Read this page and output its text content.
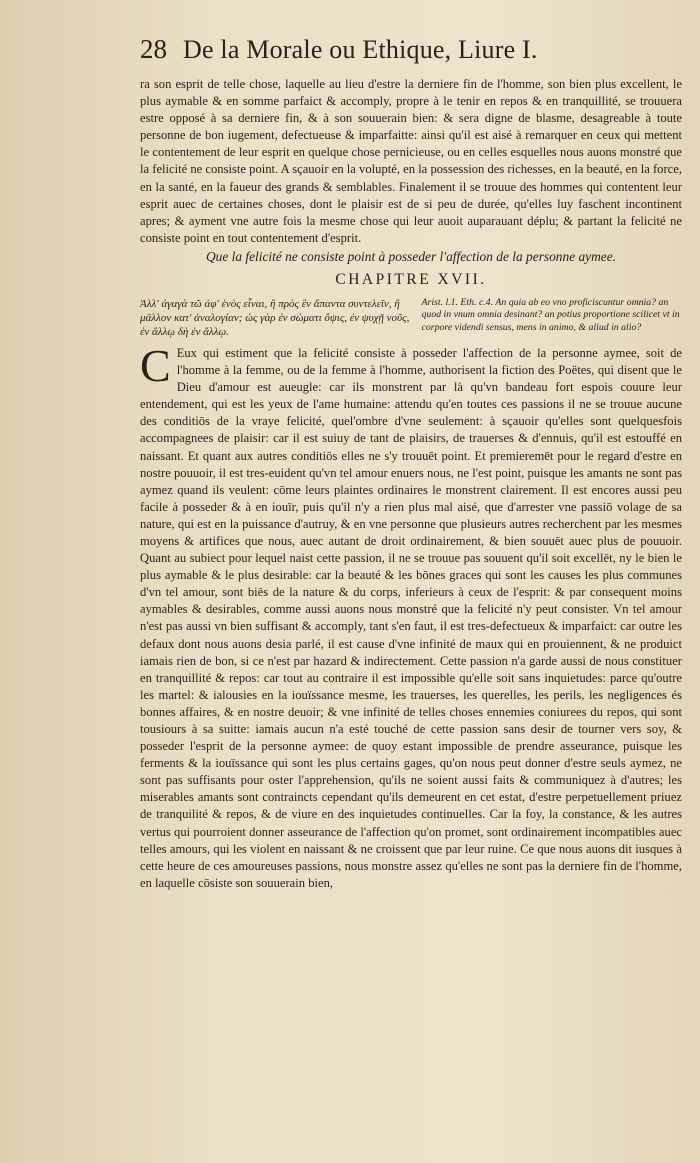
28 De la Morale ou Ethique, Liure I.

ra son esprit de telle chose, laquelle au lieu d'estre la derniere fin de l'homme, son bien plus excellent, le plus aymable & en somme parfaict & accomply, propre à le tenir en repos & en tranquillité, se trouuera estre opposé à sa derniere fin, & à son souuerain bien: & sera digne de blasme, desagreable à toute personne de bon iugement, defectueuse & imparfaitte: ainsi qu'il est aisé à remarquer en ceux qui mettent le contentement de leur esprit en quelque chose pernicieuse, ou en celles esquelles nous auons monstré que la felicité ne consiste point. A sçauoir en la volupté, en la possession des richesses, en la beauté, en la force, en la santé, en la faueur des grands & semblables. Finalement il se trouue des hommes qui contentent leur esprit auec de certaines choses, dont le plaisir est de si peu de durée, qu'elles luy faschent incontinent apres; & ayment vne autre fois la mesme chose qui leur auoit auparauant déplu; & partant la felicité ne consiste point en tout contentement d'esprit.

Que la felicité ne consiste point à posseder l'affection de la personne aymee.
CHAPITRE XVII.
Ἀλλ' ἀγαγὰ τῶ ἀφ' ἑνὸς εἶναι, ἢ πρὸς ἓν ἅπαντα συντελεῖν, ἢ μᾶλλον κατ' ἀναλογίαν; ὡς γὰρ ἐν σώματι ὄψις, ἐν ψυχῇ νοῦς, ἐν ἄλλῳ δὴ ἐν ἄλλῳ.
Arist. l.1. Eth. c.4. An quia ab eo vno proficiscuntur omnia? an quod in vnum omnia desinant? an potius proportione scilicet vt in corpore videndi sensus, mens in animo, & aliud in alio?
C Eux qui estiment que la felicité consiste à posseder l'affection de la personne aymee, soit de l'homme à la femme, ou de la femme à l'homme, authorisent la fiction des Poëtes, qui disent que le Dieu d'amour est aueugle: car ils monstrent par là qu'vn bandeau fort espois couure leur entendement, qui est les yeux de l'ame humaine: attendu qu'en toutes ces passions il ne se trouue aucune des conditiōs de la vraye felicité, quel'ombre d'vne seulement: à sçauoir qu'elles sont quelquesfois accompagnees de plaisir: car il est suiuy de tant de plaisirs, de trauerses & d'ennuis, qu'il est estouffé en naissant. Et quant aux autres conditiōs elles ne s'y trouuēt point. Et premieremēt pour le regard d'estre en nostre pouuoir, il est tres-euident qu'vn tel amour enuers nous, ne l'est point, puisque les amants ne sont pas aymez quand ils veulent: cōme leurs plaintes ordinaires le monstrent clairement. Il est encores aussi peu facile à posseder & à en iouïr, puis qu'il n'y a rien plus mal aisé, que d'arrester vne passiō volage de sa nature, qui est en la puissance d'autruy, & en vne personne que plusieurs autres recherchent par les mesmes moyens & artifices que nous, auec autant de droit ordinairement, & bien souuēt auec plus de pouuoir. Quant au subiect pour lequel naist cette passion, il ne se trouue pas souuent qu'il soit excellēt, ny le bien le plus aymable & le plus desirable: car la beauté & les bōnes graces qui sont les causes les plus communes d'vn tel amour, sont biēs de la nature & du corps, inferieurs à ceux de l'esprit: & par consequent moins aymables & desirables, comme aussi auons nous monstré que la felicité n'y peut consister. Vn tel amour n'est pas aussi vn bien suffisant & accomply, tant s'en faut, il est tres-defectueux & imparfaict: car outre les defaux dont nous auons desia parlé, il est cause d'vne infinité de maux qui en prouiennent, & ne produict iamais rien de bon, si ce n'est par hazard & indirectement. Cette passion n'a garde aussi de nous constituer en tranquillité & repos: car tout au contraire il est impossible qu'elle soit sans inquietudes: parce qu'outre les martel: & ialousies en la iouïssance mesme, les trauerses, les querelles, les perils, les negligences és bonnes affaires, & en nostre deuoir; & vne infinité de telles choses ennemies coniurees du repos, qui sont tousiours à sa suitte: iamais aucun n'a esté touché de cette passion sans desir de tourner vers soy, & posseder l'esprit de la personne aymee: de quoy estant impossible de prendre asseurance, puisque les ferments & la iouïssance qui sont les plus certains gages, qu'on nous peut donner d'estre seuls aymez, ne sont pas suffisants pour oster l'apprehension, qu'ils ne soient aussi faits & communiquez à d'autres; les miserables amants sont contraincts cependant qu'ils demeurent en cet estat, d'estre perpetuellement priuez de tranquilité & repos, & de viure en des inquietudes continuelles. Car la foy, la constance, & les autres vertus qui pourroient donner asseurance de l'affection qu'on promet, sont ordinairement incompatibles auec telles amours, qui les violent en naissant & ne croissent que par leur ruine. Ce que nous auons dit iusques à cette heure de ces amoureuses passions, nous monstre assez qu'elles ne sont pas la derniere fin de l'homme, en laquelle cōsiste son souuerain bien,
